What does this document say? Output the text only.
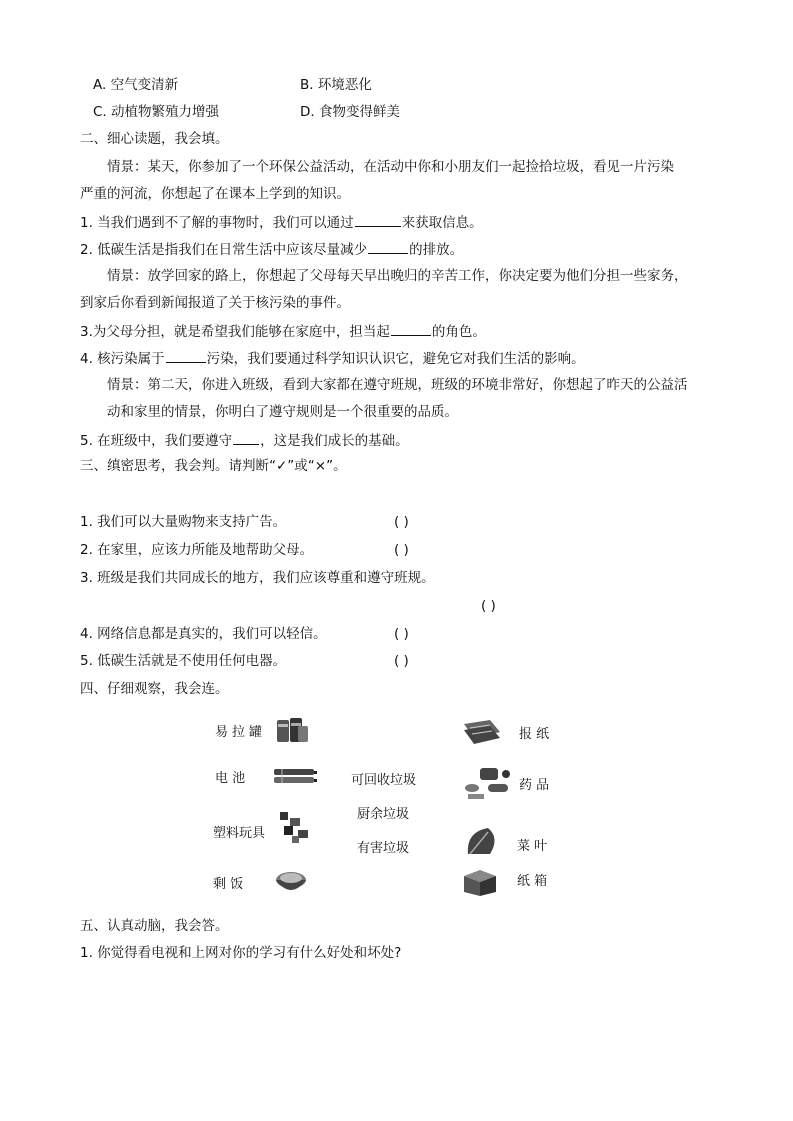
A. 空气变清新	B. 环境恶化
C. 动植物繁殖力增强	D. 食物变得鲜美
二、细心读题，我会填。
情景：某天，你参加了一个环保公益活动，在活动中你和小朋友们一起捡拾垃圾，看见一片污染
严重的河流，你想起了在课本上学到的知识。
1. 当我们遇到不了解的事物时，我们可以通过	来获取信息。
2. 低碳生活是指我们在日常生活中应该尽量减少	的排放。
情景：放学回家的路上，你想起了父母每天早出晚归的辛苦工作，你决定要为他们分担一些家务，
到家后你看到新闻报道了关于核污染的事件。
3.为父母分担，就是希望我们能够在家庭中，担当起	的角色。
4. 核污染属于	污染，我们要通过科学知识认识它，避免它对我们生活的影响。
情景：第二天，你进入班级，看到大家都在遵守班规，班级的环境非常好，你想起了昨天的公益活
动和家里的情景，你明白了遵守规则是一个很重要的品质。
5. 在班级中，我们要遵守 ，这是我们成长的基础。
三、缜密思考，我会判。请判断“✓”或“×”。
1. 我们可以大量购物来支持广告。	( )
2. 在家里，应该力所能及地帮助父母。	( )
3. 班级是我们共同成长的地方，我们应该尊重和遵守班规。
( )
4. 网络信息都是真实的，我们可以轻信。	( )
5. 低碳生活就是不使用任何电器。	( )
四、仔细观察，我会连。
易拉罐
电 池
塑料玩具
剩 饭
可回收垃圾
厨余垃圾
有害垃圾
报 纸
药 品
菜 叶
纸 箱
五、认真动脑，我会答。
1. 你觉得看电视和上网对你的学习有什么好处和坏处?
